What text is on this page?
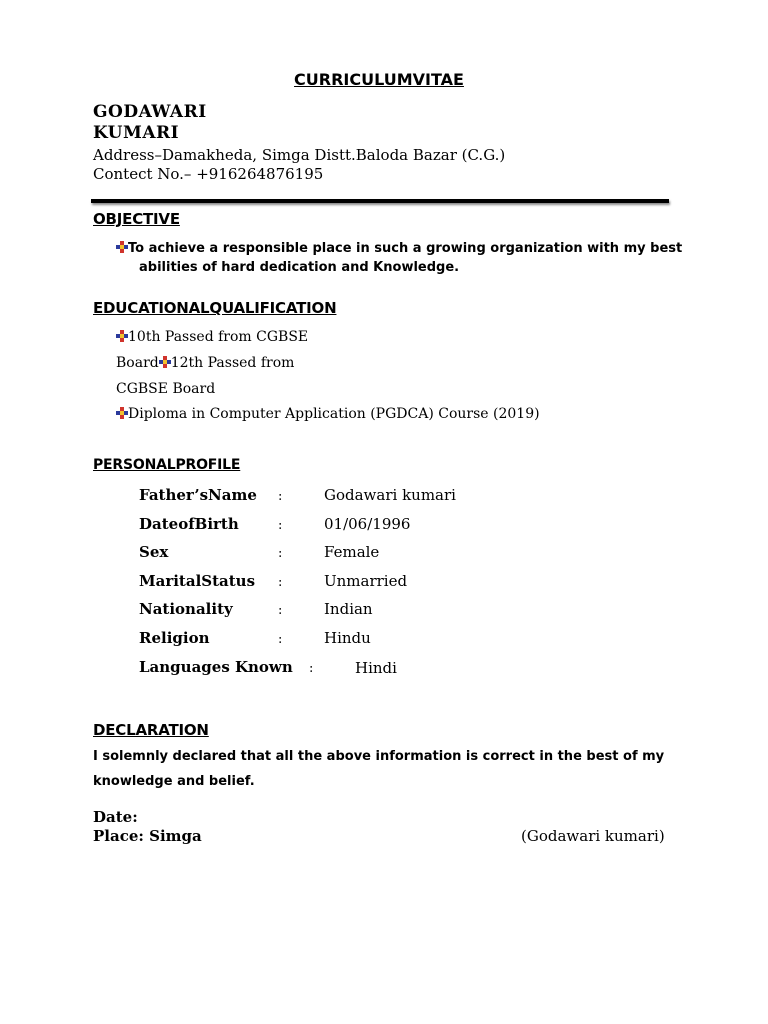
CURRICULUMVITAE
GODAWARI
KUMARI
Address–Damakheda, Simga Distt.Baloda Bazar (C.G.)
Contect No.– +916264876195
OBJECTIVE
To achieve a responsible place in such a growing organization with my best
abilities of hard dedication and Knowledge.
EDUCATIONALQUALIFICATION
10th Passed from CGBSE
Board 12th Passed from
CGBSE Board
Diploma in Computer Application (PGDCA) Course (2019)
PERSONALPROFILE
Father’sName :	Godawari kumari
DateofBirth	:	01/06/1996
Sex	:	Female
MaritalStatus :	Unmarried
Nationality	:	Indian
Religion	:	Hindu
Languages Known :	Hindi
DECLARATION
I solemnly declared that all the above information is correct in the best of my
knowledge and belief.
Date:
Place: Simga	(Godawari kumari)
